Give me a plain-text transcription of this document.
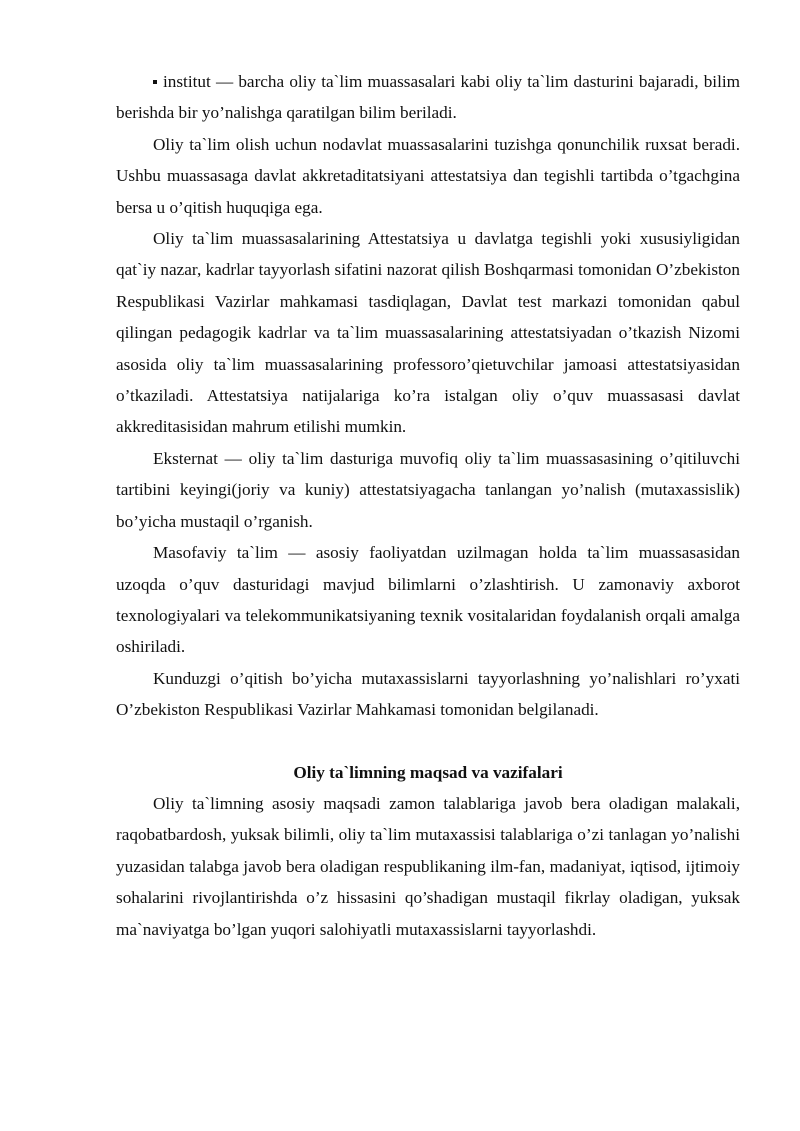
institut — barcha oliy ta`lim muassasalari kabi oliy ta`lim dasturini bajaradi, bilim berishda bir yo’nalishga qaratilgan bilim beriladi.

Oliy ta`lim olish uchun nodavlat muassasalarini tuzishga qonunchilik ruxsat beradi. Ushbu muassasaga davlat akkretaditatsiyani attestatsiya dan tegishli tartibda o’tgachgina bersa u o’qitish huquqiga ega.

Oliy ta`lim muassasalarining Attestatsiya u davlatga tegishli yoki xususiyligidan qat`iy nazar, kadrlar tayyorlash sifatini nazorat qilish Boshqarmasi tomonidan O’zbekiston Respublikasi Vazirlar mahkamasi tasdiqlagan, Davlat test markazi tomonidan qabul qilingan pedagogik kadrlar va ta`lim muassasalarining attestatsiyadan o’tkazish Nizomi asosida oliy ta`lim muassasalarining professoro’qietuvchilar jamoasi attestatsiyasidan o’tkaziladi. Attestatsiya natijalariga ko’ra istalgan oliy o’quv muassasasi davlat akkreditasisidan mahrum etilishi mumkin.

Eksternat — oliy ta`lim dasturiga muvofiq oliy ta`lim muassasasining o’qitiluvchi tartibini keyingi(joriy va kuniy) attestatsiyagacha tanlangan yo’nalish (mutaxassislik) bo’yicha mustaqil o’rganish.

Masofaviy ta`lim — asosiy faoliyatdan uzilmagan holda ta`lim muassasasidan uzoqda o’quv dasturidagi mavjud bilimlarni o’zlashtirish. U zamonaviy axborot texnologiyalari va telekommunikatsiyaning texnik vositalaridan foydalanish orqali amalga oshiriladi.

Kunduzgi o’qitish bo’yicha mutaxassislarni tayyorlashning yo’nalishlari ro’yxati O’zbekiston Respublikasi Vazirlar Mahkamasi tomonidan belgilanadi.

Oliy ta`limning maqsad va vazifalari

Oliy ta`limning asosiy maqsadi zamon talablariga javob bera oladigan malakali, raqobatbardosh, yuksak bilimli, oliy ta`lim mutaxassisi talablariga o’zi tanlagan yo’nalishi yuzasidan talabga javob bera oladigan respublikaning ilm-fan, madaniyat, iqtisod, ijtimoiy sohalarini rivojlantirishda o’z hissasini qo’shadigan mustaqil fikrlay oladigan, yuksak ma`naviyatga bo’lgan yuqori salohiyatli mutaxassislarni tayyorlashdi.
